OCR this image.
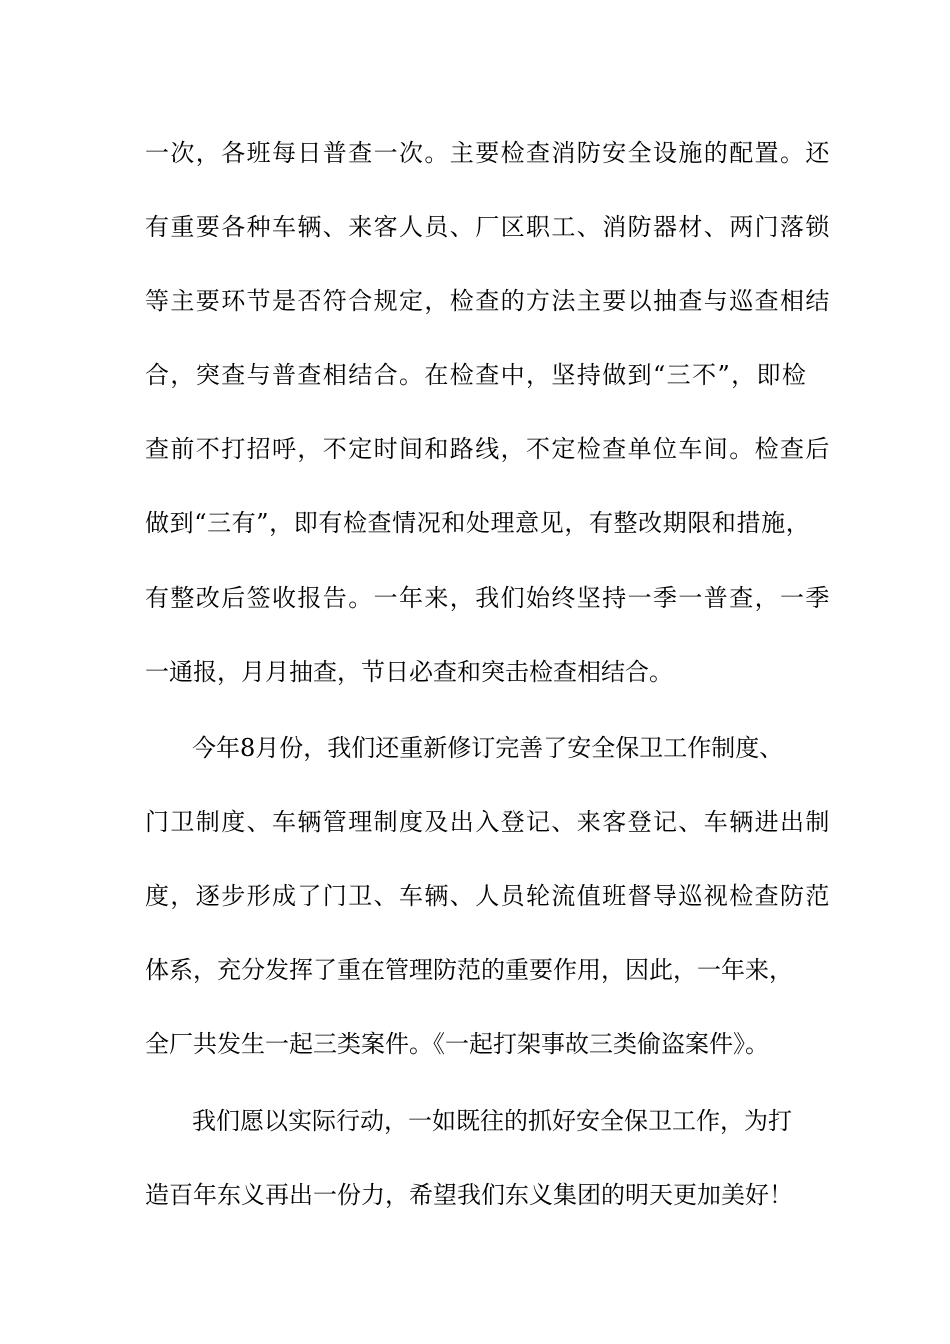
一次，各班每日普查一次。主要检查消防安全设施的配置。还
有重要各种车辆、来客人员、厂区职工、消防器材、两门落锁
等主要环节是否符合规定，检查的方法主要以抽查与巡查相结
合，突查与普查相结合。在检查中，坚持做到“三不”，即检
查前不打招呼，不定时间和路线，不定检查单位车间。检查后
做到“三有”，即有检查情况和处理意见，有整改期限和措施，
有整改后签收报告。一年来，我们始终坚持一季一普查，一季
一通报，月月抽查，节日必查和突击检查相结合。
今年8月份，我们还重新修订完善了安全保卫工作制度、
门卫制度、车辆管理制度及出入登记、来客登记、车辆进出制
度，逐步形成了门卫、车辆、人员轮流值班督导巡视检查防范
体系，充分发挥了重在管理防范的重要作用，因此，一年来，
全厂共发生一起三类案件。《一起打架事故三类偷盗案件》。
我们愿以实际行动，一如既往的抓好安全保卫工作，为打
造百年东义再出一份力，希望我们东义集团的明天更加美好！
